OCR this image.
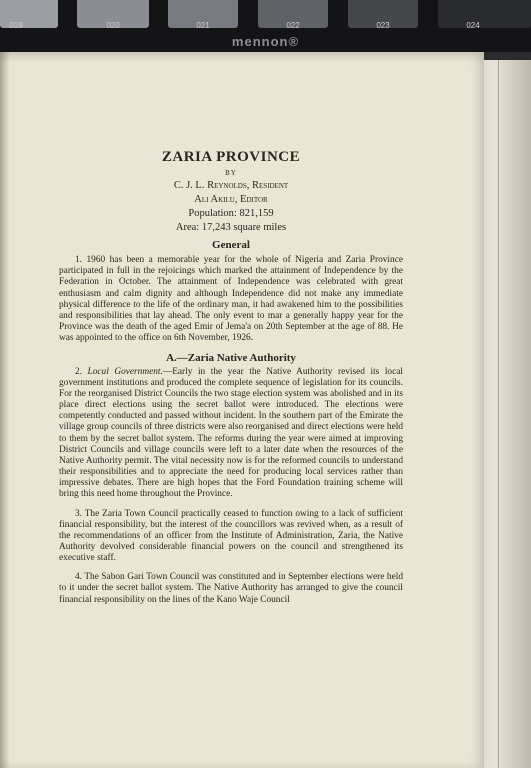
019	020	021	022	023	024
mennon®
ZARIA PROVINCE
BY
C. J. L. Reynolds, Resident
Ali Akilu, Editor
Population: 821,159
Area: 17,243 square miles
General

1. 1960 has been a memorable year for the whole of Nigeria and Zaria Province participated in full in the rejoicings which marked the attainment of Independence by the Federation in October. The attainment of Independence was celebrated with great enthusiasm and calm dignity and although Independence did not make any immediate physical difference to the life of the ordinary man, it had awakened him to the possibilities and responsibilities that lay ahead. The only event to mar a generally happy year for the Province was the death of the aged Emir of Jema'a on 20th September at the age of 88. He was appointed to the office on 6th November, 1926.

A.—Zaria Native Authority

2. Local Government.—Early in the year the Native Authority revised its local government institutions and produced the complete sequence of legislation for its councils. For the reorganised District Councils the two stage election system was abolished and in its place direct elections using the secret ballot were introduced. The elections were competently conducted and passed without incident. In the southern part of the Emirate the village group councils of three districts were also reorganised and direct elections were held to them by the secret ballot system. The reforms during the year were aimed at improving District Councils and village councils were left to a later date when the resources of the Native Authority permit. The vital necessity now is for the reformed councils to understand their responsibilities and to appreciate the need for producing local services rather than impressive debates. There are high hopes that the Ford Foundation training scheme will bring this need home throughout the Province.

3. The Zaria Town Council practically ceased to function owing to a lack of sufficient financial responsibility, but the interest of the councillors was revived when, as a result of the recommendations of an officer from the Institute of Administration, Zaria, the Native Authority devolved considerable financial powers on the council and strengthened its executive staff.

4. The Sabon Gari Town Council was constituted and in September elections were held to it under the secret ballot system. The Native Authority has arranged to give the council financial responsibility on the lines of the Kano Waje Council
